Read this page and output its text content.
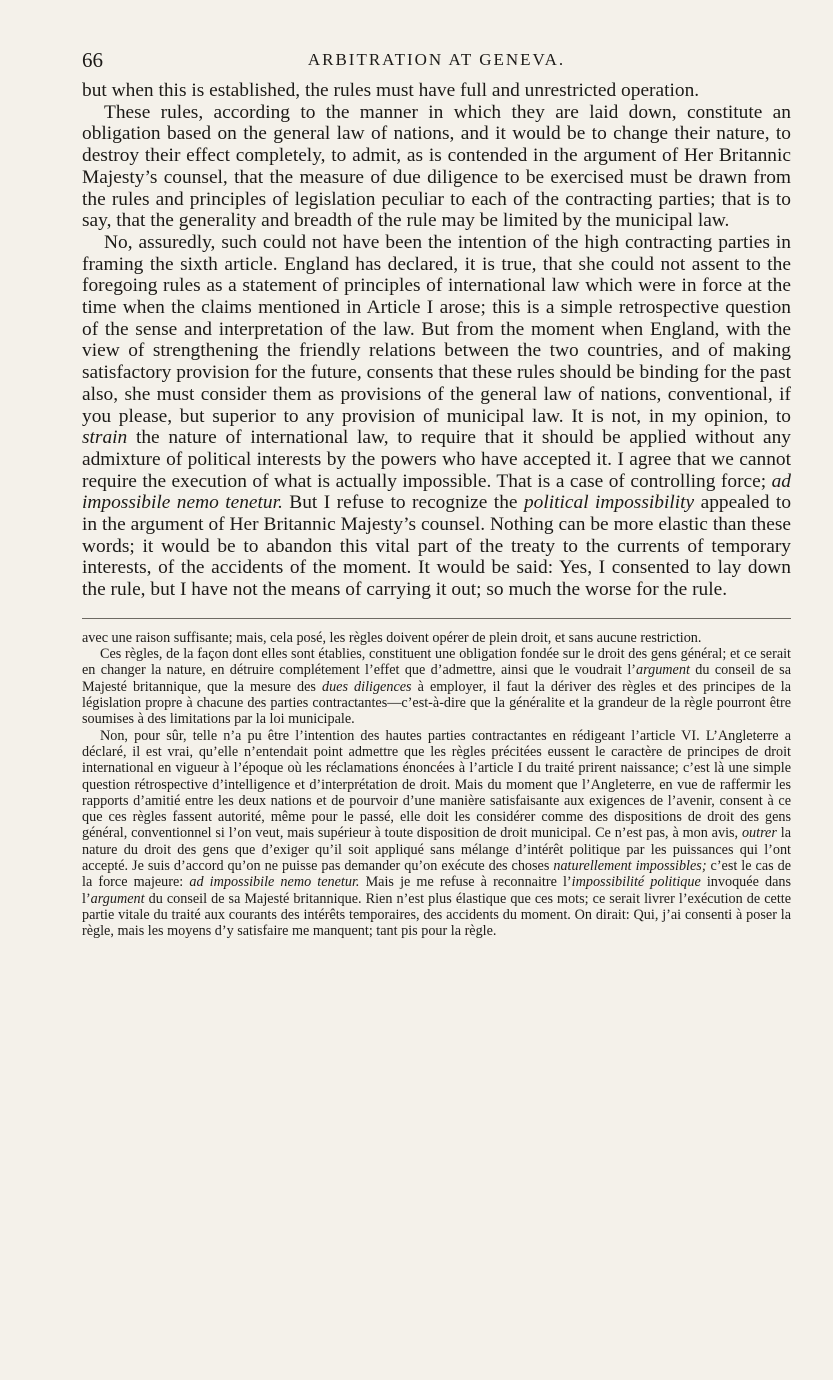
66	ARBITRATION AT GENEVA.

but when this is established, the rules must have full and unrestricted operation.

These rules, according to the manner in which they are laid down, constitute an obligation based on the general law of nations, and it would be to change their nature, to destroy their effect completely, to admit, as is contended in the argument of Her Britannic Majesty’s counsel, that the measure of due diligence to be exercised must be drawn from the rules and principles of legislation peculiar to each of the contracting parties; that is to say, that the generality and breadth of the rule may be limited by the municipal law.

No, assuredly, such could not have been the intention of the high contracting parties in framing the sixth article. England has declared, it is true, that she could not assent to the foregoing rules as a statement of principles of international law which were in force at the time when the claims mentioned in Article I arose; this is a simple retrospective question of the sense and interpretation of the law. But from the moment when England, with the view of strengthening the friendly relations between the two countries, and of making satisfactory provision for the future, consents that these rules should be binding for the past also, she must consider them as provisions of the general law of nations, conventional, if you please, but superior to any provision of municipal law. It is not, in my opinion, to strain the nature of international law, to require that it should be applied without any admixture of political interests by the powers who have accepted it. I agree that we cannot require the execution of what is actually impossible. That is a case of controlling force; ad impossibile nemo tenetur. But I refuse to recognize the political impossibility appealed to in the argument of Her Britannic Majesty’s counsel. Nothing can be more elastic than these words; it would be to abandon this vital part of the treaty to the currents of temporary interests, of the accidents of the moment. It would be said: Yes, I consented to lay down the rule, but I have not the means of carrying it out; so much the worse for the rule.

avec une raison suffisante; mais, cela posé, les règles doivent opérer de plein droit, et sans aucune restriction.

Ces règles, de la façon dont elles sont établies, constituent une obligation fondée sur le droit des gens général; et ce serait en changer la nature, en détruire complétement l’effet que d’admettre, ainsi que le voudrait l’argument du conseil de sa Majesté britannique, que la mesure des dues diligences à employer, il faut la dériver des règles et des principes de la législation propre à chacune des parties contractantes—c’est-à-dire que la généralite et la grandeur de la règle pourront être soumises à des limitations par la loi municipale.

Non, pour sûr, telle n’a pu être l’intention des hautes parties contractantes en rédigeant l’article VI. L’Angleterre a déclaré, il est vrai, qu’elle n’entendait point admettre que les règles précitées eussent le caractère de principes de droit international en vigueur à l’époque où les réclamations énoncées à l’article I du traité prirent naissance; c’est là une simple question rétrospective d’intelligence et d’interprétation de droit. Mais du moment que l’Angleterre, en vue de raffermir les rapports d’amitié entre les deux nations et de pourvoir d’une manière satisfaisante aux exigences de l’avenir, consent à ce que ces règles fassent autorité, même pour le passé, elle doit les considérer comme des dispositions de droit des gens général, conventionnel si l’on veut, mais supérieur à toute disposition de droit municipal. Ce n’est pas, à mon avis, outrer la nature du droit des gens que d’exiger qu’il soit appliqué sans mélange d’intérêt politique par les puissances qui l’ont accepté. Je suis d’accord qu’on ne puisse pas demander qu’on exécute des choses naturellement impossibles; c’est le cas de la force majeure: ad impossibile nemo tenetur. Mais je me refuse à reconnaitre l’impossibilité politique invoquée dans l’argument du conseil de sa Majesté britannique. Rien n’est plus élastique que ces mots; ce serait livrer l’exécution de cette partie vitale du traité aux courants des intérêts temporaires, des accidents du moment. On dirait: Qui, j’ai consenti à poser la règle, mais les moyens d’y satisfaire me manquent; tant pis pour la règle.
